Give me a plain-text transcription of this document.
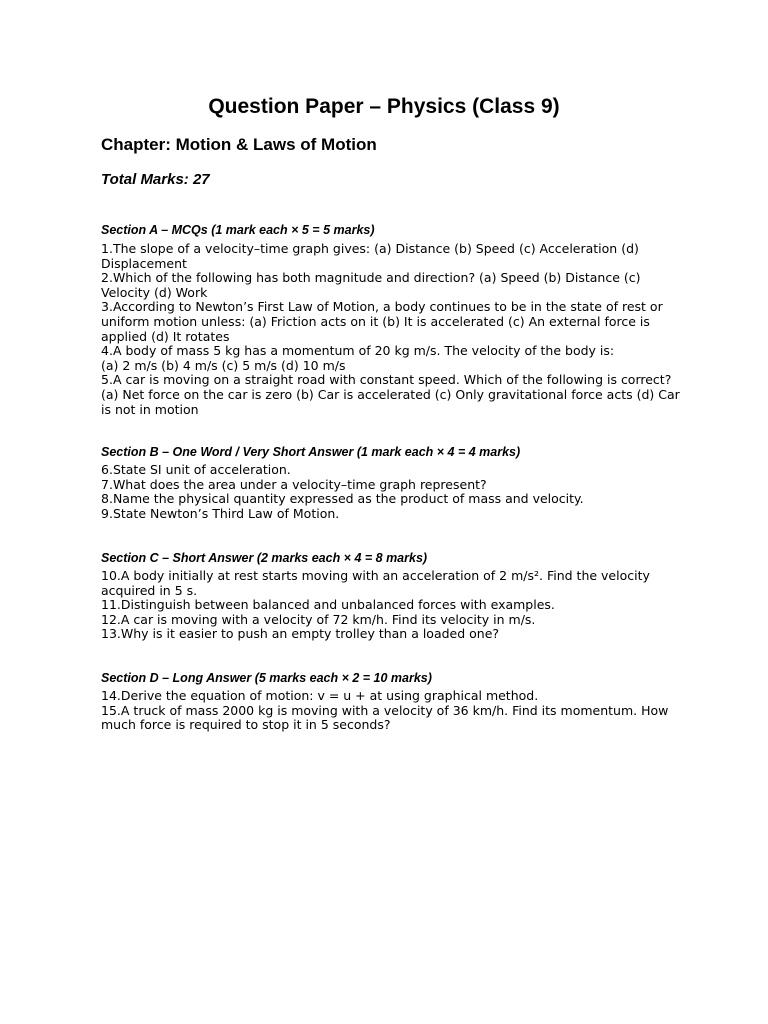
Question Paper – Physics (Class 9)
Chapter: Motion & Laws of Motion
Total Marks: 27
Section A – MCQs (1 mark each × 5 = 5 marks)
1.The slope of a velocity–time graph gives: (a) Distance (b) Speed (c) Acceleration (d) Displacement
2.Which of the following has both magnitude and direction? (a) Speed (b) Distance (c) Velocity (d) Work
3.According to Newton’s First Law of Motion, a body continues to be in the state of rest or uniform motion unless: (a) Friction acts on it (b) It is accelerated (c) An external force is applied (d) It rotates
4.A body of mass 5 kg has a momentum of 20 kg m/s. The velocity of the body is:
(a) 2 m/s (b) 4 m/s (c) 5 m/s (d) 10 m/s
5.A car is moving on a straight road with constant speed. Which of the following is correct? (a) Net force on the car is zero (b) Car is accelerated (c) Only gravitational force acts (d) Car is not in motion
Section B – One Word / Very Short Answer (1 mark each × 4 = 4 marks)
6.State SI unit of acceleration.
7.What does the area under a velocity–time graph represent?
8.Name the physical quantity expressed as the product of mass and velocity.
9.State Newton’s Third Law of Motion.
Section C – Short Answer (2 marks each × 4 = 8 marks)
10.A body initially at rest starts moving with an acceleration of 2 m/s². Find the velocity acquired in 5 s.
11.Distinguish between balanced and unbalanced forces with examples.
12.A car is moving with a velocity of 72 km/h. Find its velocity in m/s.
13.Why is it easier to push an empty trolley than a loaded one?
Section D – Long Answer (5 marks each × 2 = 10 marks)
14.Derive the equation of motion: v = u + at using graphical method.
15.A truck of mass 2000 kg is moving with a velocity of 36 km/h. Find its momentum. How much force is required to stop it in 5 seconds?
